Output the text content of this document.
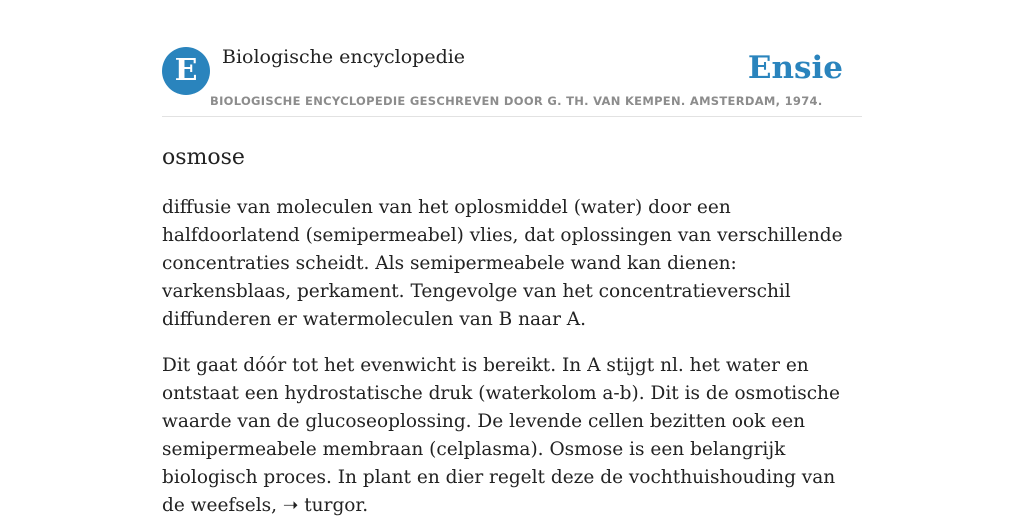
E	Biologische encyclopedie	Ensie
BIOLOGISCHE ENCYCLOPEDIE GESCHREVEN DOOR G. TH. VAN KEMPEN. AMSTERDAM, 1974.
osmose

diffusie van moleculen van het oplosmiddel (water) door een halfdoorlatend (semipermeabel) vlies, dat oplossingen van verschillende concentraties scheidt. Als semipermeabele wand kan dienen: varkensblaas, perkament. Tengevolge van het concentratieverschil diffunderen er watermoleculen van B naar A.

Dit gaat dóór tot het evenwicht is bereikt. In A stijgt nl. het water en ontstaat een hydrostatische druk (waterkolom a-b). Dit is de osmotische waarde van de glucoseoplossing. De levende cellen bezitten ook een semipermeabele membraan (celplasma). Osmose is een belangrijk biologisch proces. In plant en dier regelt deze de vochthuishouding van de weefsels, ➝ turgor.
